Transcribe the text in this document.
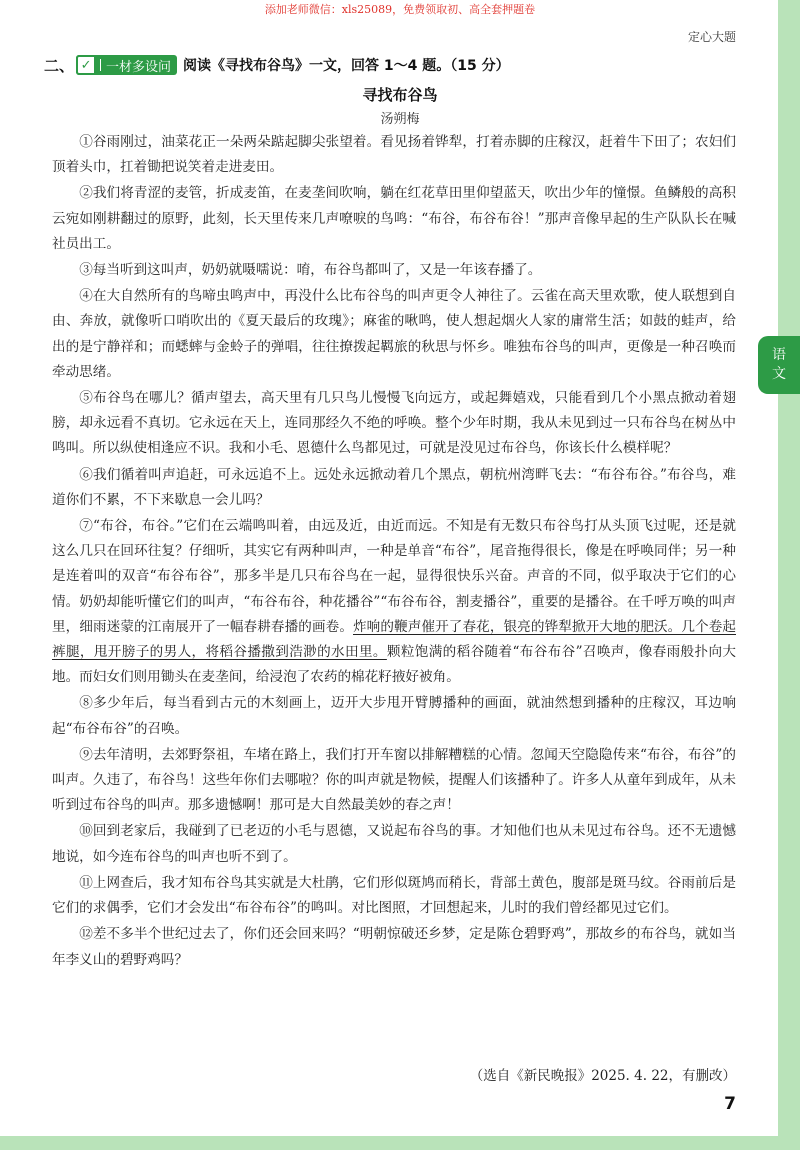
添加老师微信：xls25089，免费领取初、高全套押题卷
定心大题
二、 ✓	一材多设问 阅读《寻找布谷鸟》一文，回答 1～4 题。（15 分）
寻找布谷鸟
汤朔梅

①谷雨刚过，油菜花正一朵两朵踮起脚尖张望着。看见扬着铧犁，打着赤脚的庄稼汉，赶着牛下田了；农妇们顶着头巾，扛着锄把说笑着走进麦田。

②我们将青涩的麦管，折成麦笛，在麦垄间吹响，躺在红花草田里仰望蓝天，吹出少年的憧憬。鱼鳞般的高积云宛如刚耕翻过的原野，此刻，长天里传来几声嘹唳的鸟鸣：“布谷，布谷布谷！”那声音像早起的生产队队长在喊社员出工。

③每当听到这叫声，奶奶就嗫嚅说：唷，布谷鸟都叫了，又是一年该春播了。

④在大自然所有的鸟啼虫鸣声中，再没什么比布谷鸟的叫声更令人神往了。云雀在高天里欢歌，使人联想到自由、奔放，就像听口哨吹出的《夏天最后的玫瑰》；麻雀的啾鸣，使人想起烟火人家的庸常生活；如鼓的蛙声，给出的是宁静祥和；而蟋蟀与金蛉子的弹唱，往往撩拨起羁旅的秋思与怀乡。唯独布谷鸟的叫声，更像是一种召唤而牵动思绪。

⑤布谷鸟在哪儿？循声望去，高天里有几只鸟儿慢慢飞向远方，或起舞嬉戏，只能看到几个小黑点掀动着翅膀，却永远看不真切。它永远在天上，连同那经久不绝的呼唤。整个少年时期，我从未见到过一只布谷鸟在树丛中鸣叫。所以纵使相逢应不识。我和小毛、恩德什么鸟都见过，可就是没见过布谷鸟，你该长什么模样呢？

⑥我们循着叫声追赶，可永远追不上。远处永远掀动着几个黑点，朝杭州湾畔飞去：“布谷布谷。”布谷鸟，难道你们不累，不下来歇息一会儿吗？

⑦“布谷，布谷。”它们在云端鸣叫着，由远及近，由近而远。不知是有无数只布谷鸟打从头顶飞过呢，还是就这么几只在回环往复？仔细听，其实它有两种叫声，一种是单音“布谷”，尾音拖得很长，像是在呼唤同伴；另一种是连着叫的双音“布谷布谷”，那多半是几只布谷鸟在一起，显得很快乐兴奋。声音的不同，似乎取决于它们的心情。奶奶却能听懂它们的叫声，“布谷布谷，种花播谷”“布谷布谷，割麦播谷”，重要的是播谷。在千呼万唤的叫声里，细雨迷蒙的江南展开了一幅春耕春播的画卷。炸响的鞭声催开了春花，银亮的铧犁掀开大地的肥沃。几个卷起裤腿，甩开膀子的男人，将稻谷播撒到浩渺的水田里。颗粒饱满的稻谷随着“布谷布谷”召唤声，像春雨般扑向大地。而妇女们则用锄头在麦垄间，给浸泡了农药的棉花籽掖好被角。

⑧多少年后，每当看到古元的木刻画上，迈开大步甩开臂膊播种的画面，就油然想到播种的庄稼汉，耳边响起“布谷布谷”的召唤。

⑨去年清明，去郊野祭祖，车堵在路上，我们打开车窗以排解糟糕的心情。忽闻天空隐隐传来“布谷，布谷”的叫声。久违了，布谷鸟！这些年你们去哪啦？你的叫声就是物候，提醒人们该播种了。许多人从童年到成年，从未听到过布谷鸟的叫声。那多遗憾啊！那可是大自然最美妙的春之声！

⑩回到老家后，我碰到了已老迈的小毛与恩德，又说起布谷鸟的事。才知他们也从未见过布谷鸟。还不无遗憾地说，如今连布谷鸟的叫声也听不到了。

⑪上网查后，我才知布谷鸟其实就是大杜鹃，它们形似斑鸠而稍长，背部土黄色，腹部是斑马纹。谷雨前后是它们的求偶季，它们才会发出“布谷布谷”的鸣叫。对比图照，才回想起来，儿时的我们曾经都见过它们。

⑫差不多半个世纪过去了，你们还会回来吗？“明朝惊破还乡梦，定是陈仓碧野鸡”，那故乡的布谷鸟，就如当年李义山的碧野鸡吗？

（选自《新民晚报》2025. 4. 22，有删改）
7
语
文
